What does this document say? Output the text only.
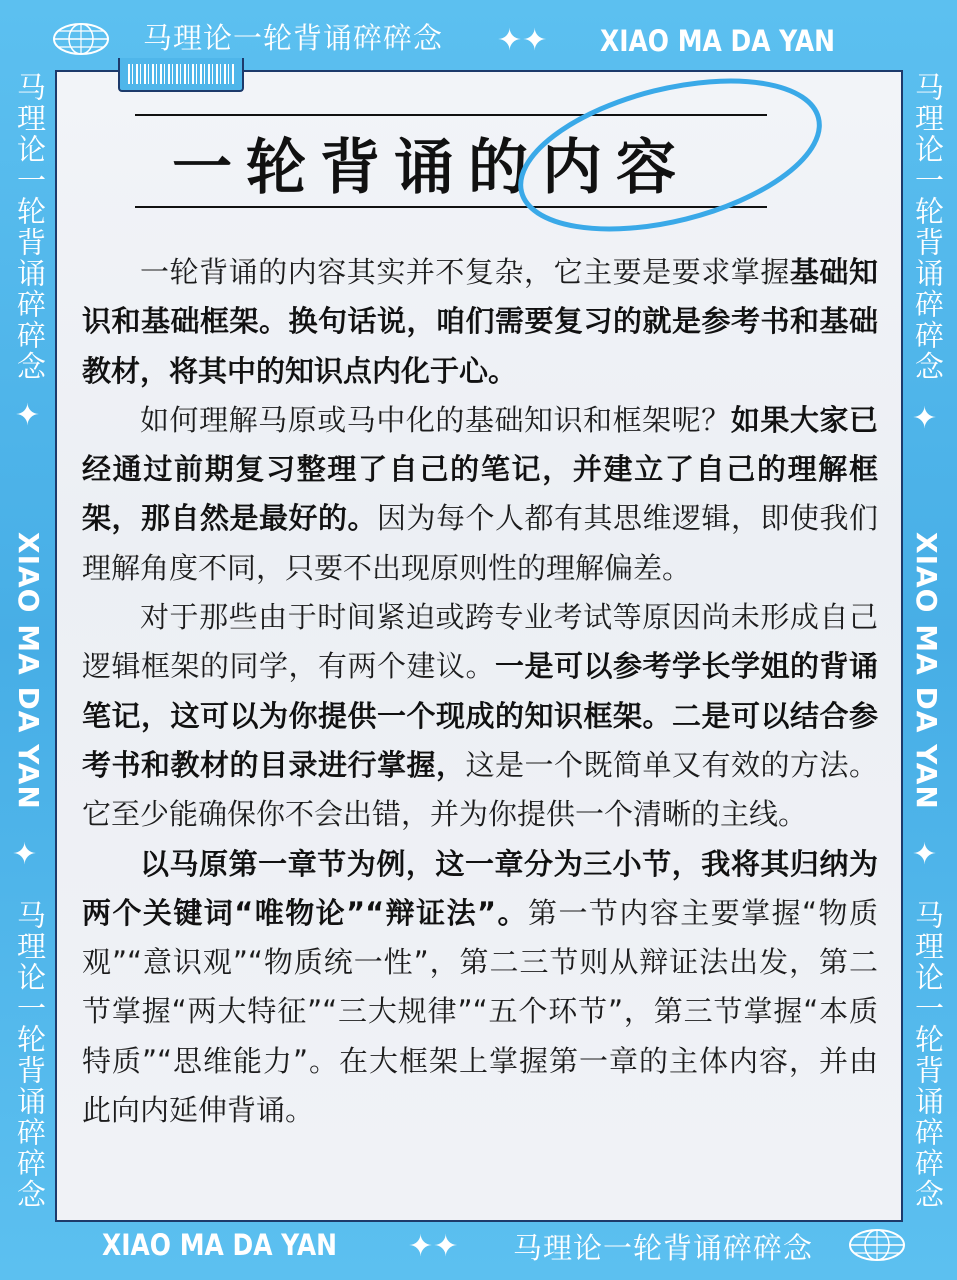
马理论一轮背诵碎碎念 ✦✦ XIAO MA DA YAN
XIAO MA DA YAN ✦✦ 马理论一轮背诵碎碎念
马理论一轮背诵碎碎念
✦
XIAO MA DA YAN
✦
马理论一轮背诵碎碎念
马理论一轮背诵碎碎念
✦
XIAO MA DA YAN
✦
马理论一轮背诵碎碎念
一轮背诵的内容

一轮背诵的内容其实并不复杂，它主要是要求掌握基础知识和基础框架。换句话说，咱们需要复习的就是参考书和基础教材，将其中的知识点内化于心。

如何理解马原或马中化的基础知识和框架呢？如果大家已经通过前期复习整理了自己的笔记，并建立了自己的理解框架，那自然是最好的。因为每个人都有其思维逻辑，即使我们理解角度不同，只要不出现原则性的理解偏差。

对于那些由于时间紧迫或跨专业考试等原因尚未形成自己逻辑框架的同学，有两个建议。一是可以参考学长学姐的背诵笔记，这可以为你提供一个现成的知识框架。二是可以结合参考书和教材的目录进行掌握，这是一个既简单又有效的方法。它至少能确保你不会出错，并为你提供一个清晰的主线。

以马原第一章节为例，这一章分为三小节，我将其归纳为两个关键词“唯物论”“辩证法”。第一节内容主要掌握“物质观”“意识观”“物质统一性”，第二三节则从辩证法出发，第二节掌握“两大特征”“三大规律”“五个环节”，第三节掌握“本质特质”“思维能力”。在大框架上掌握第一章的主体内容，并由此向内延伸背诵。
